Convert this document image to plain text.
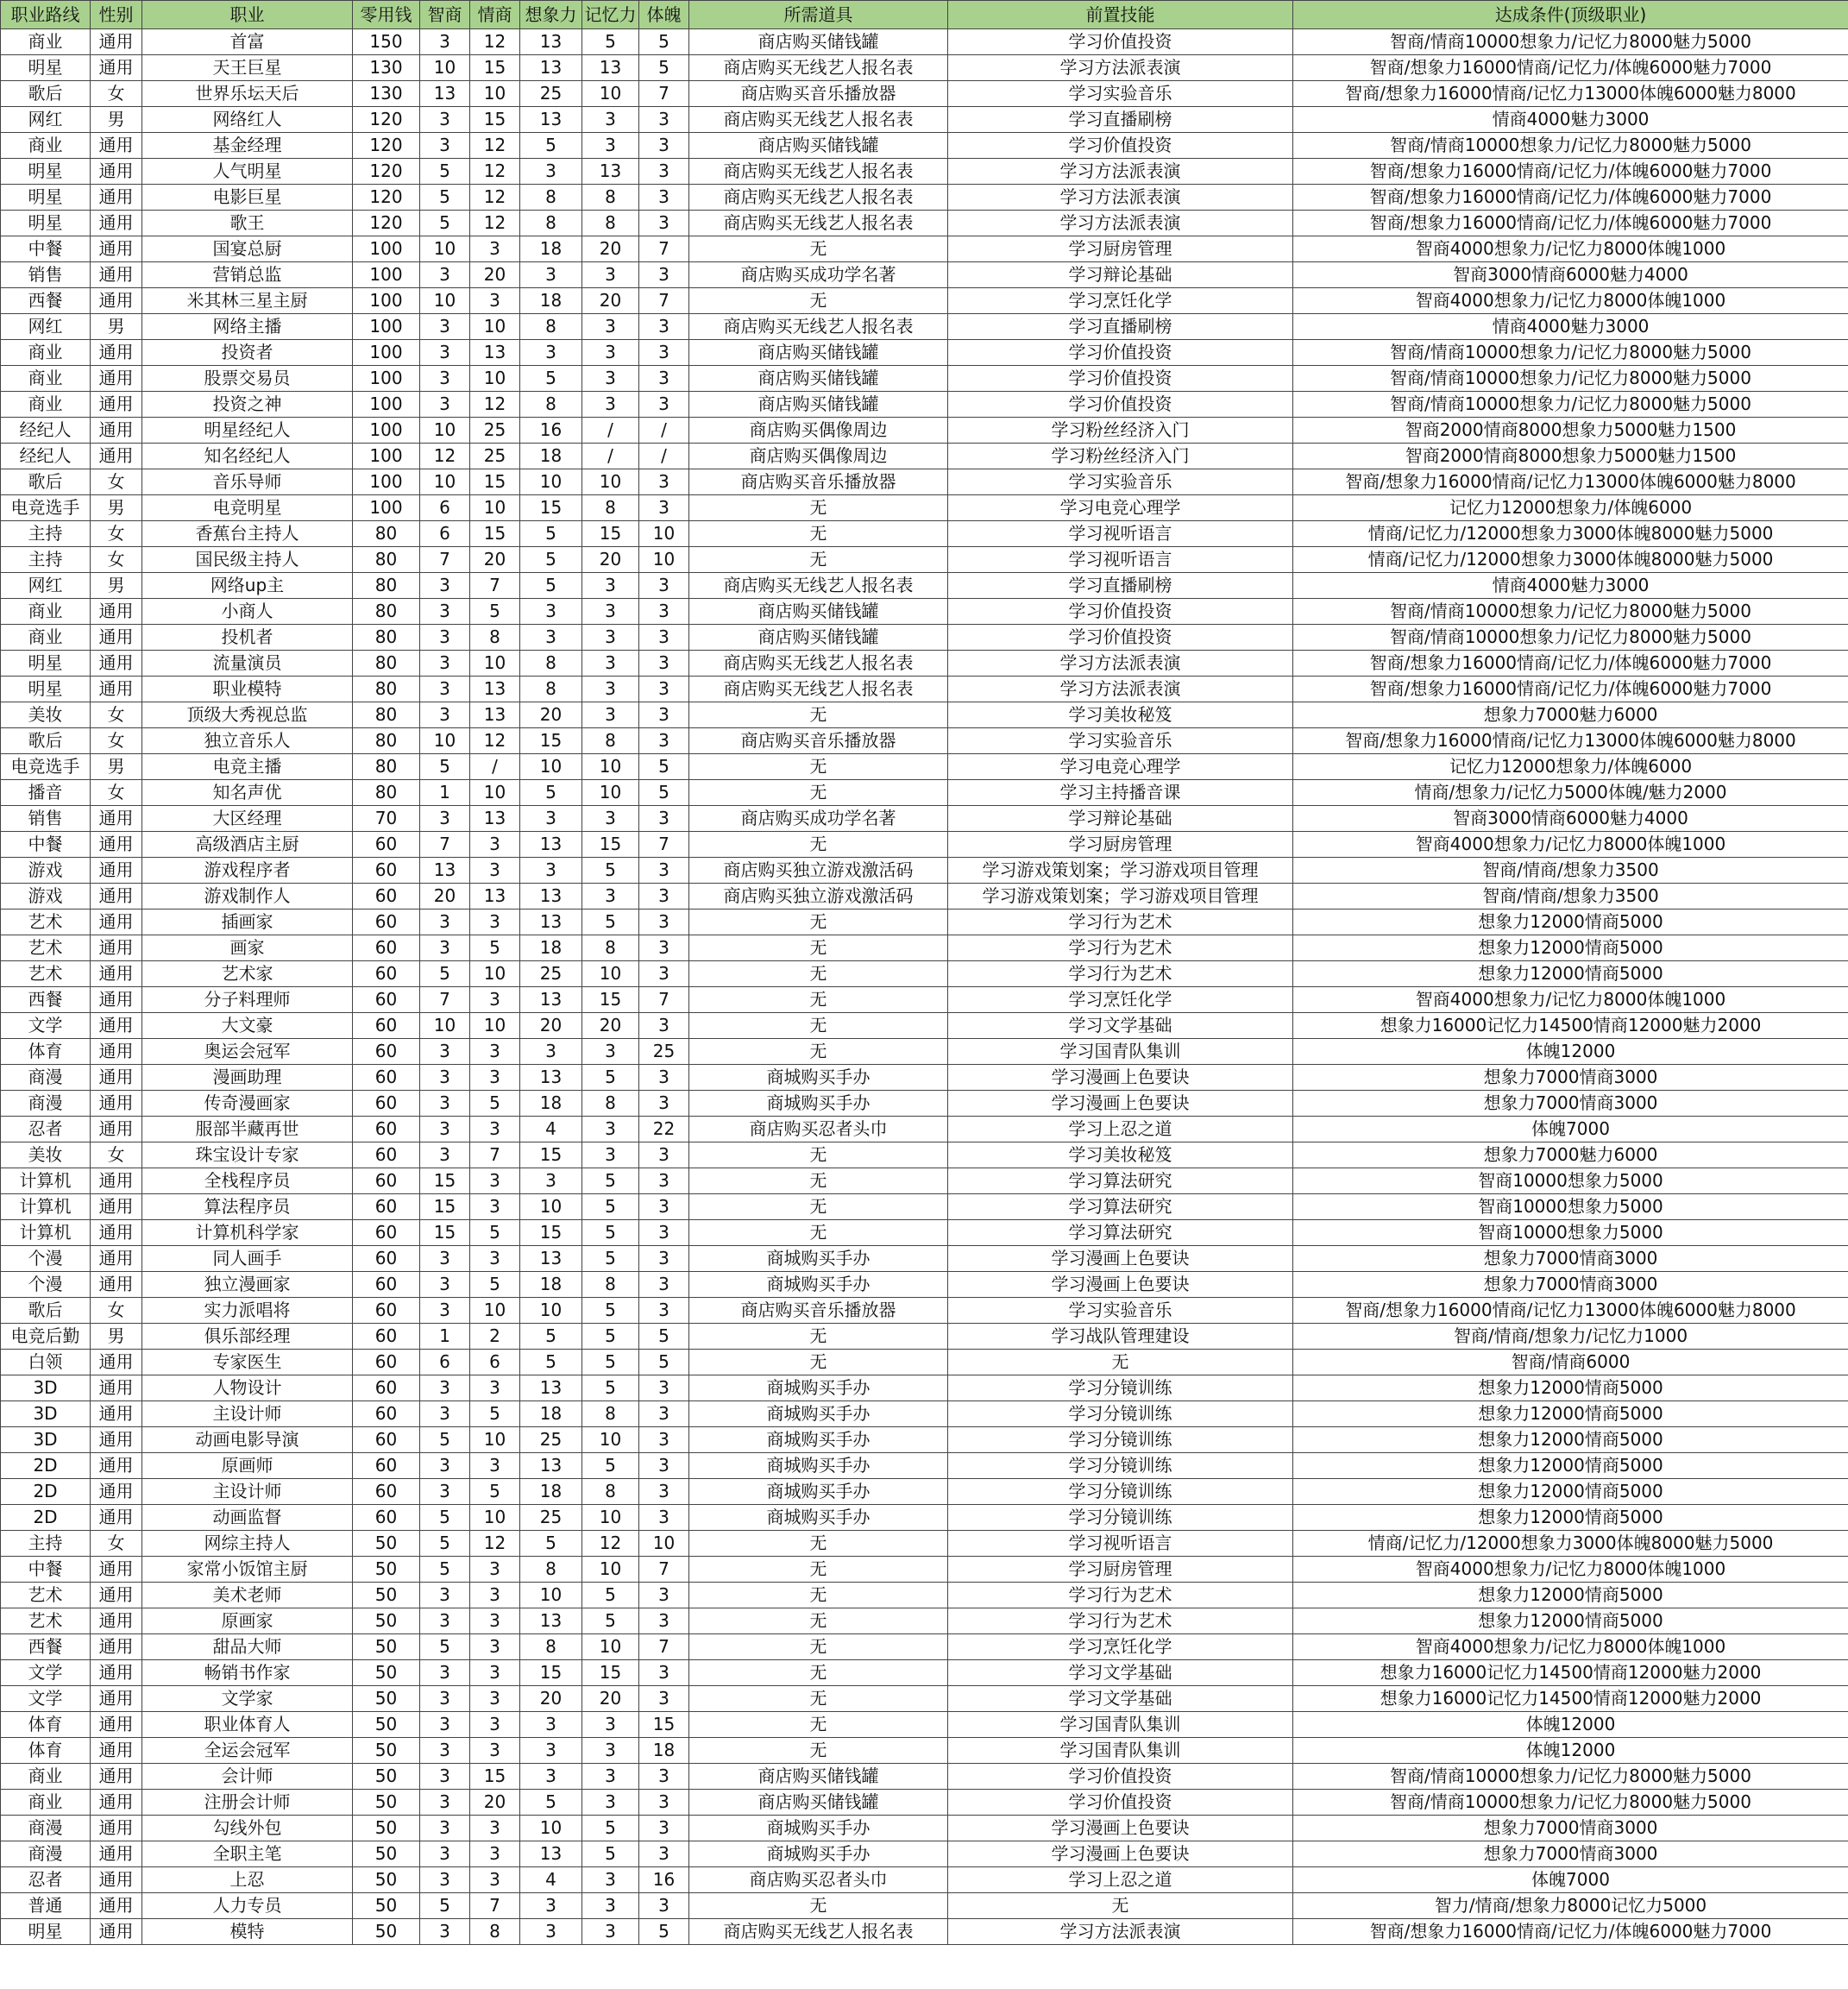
职业路线	性别	职业	零用钱	智商	情商	想象力	记忆力	体魄	所需道具	前置技能	达成条件(顶级职业)
商业	通用	首富	150	3	12	13	5	5	商店购买储钱罐	学习价值投资	智商/情商10000想象力/记忆力8000魅力5000
明星	通用	天王巨星	130	10	15	13	13	5	商店购买无线艺人报名表	学习方法派表演	智商/想象力16000情商/记忆力/体魄6000魅力7000
歌后	女	世界乐坛天后	130	13	10	25	10	7	商店购买音乐播放器	学习实验音乐	智商/想象力16000情商/记忆力13000体魄6000魅力8000
网红	男	网络红人	120	3	15	13	3	3	商店购买无线艺人报名表	学习直播刷榜	情商4000魅力3000
商业	通用	基金经理	120	3	12	5	3	3	商店购买储钱罐	学习价值投资	智商/情商10000想象力/记忆力8000魅力5000
明星	通用	人气明星	120	5	12	3	13	3	商店购买无线艺人报名表	学习方法派表演	智商/想象力16000情商/记忆力/体魄6000魅力7000
明星	通用	电影巨星	120	5	12	8	8	3	商店购买无线艺人报名表	学习方法派表演	智商/想象力16000情商/记忆力/体魄6000魅力7000
明星	通用	歌王	120	5	12	8	8	3	商店购买无线艺人报名表	学习方法派表演	智商/想象力16000情商/记忆力/体魄6000魅力7000
中餐	通用	国宴总厨	100	10	3	18	20	7	无	学习厨房管理	智商4000想象力/记忆力8000体魄1000
销售	通用	营销总监	100	3	20	3	3	3	商店购买成功学名著	学习辩论基础	智商3000情商6000魅力4000
西餐	通用	米其林三星主厨	100	10	3	18	20	7	无	学习烹饪化学	智商4000想象力/记忆力8000体魄1000
网红	男	网络主播	100	3	10	8	3	3	商店购买无线艺人报名表	学习直播刷榜	情商4000魅力3000
商业	通用	投资者	100	3	13	3	3	3	商店购买储钱罐	学习价值投资	智商/情商10000想象力/记忆力8000魅力5000
商业	通用	股票交易员	100	3	10	5	3	3	商店购买储钱罐	学习价值投资	智商/情商10000想象力/记忆力8000魅力5000
商业	通用	投资之神	100	3	12	8	3	3	商店购买储钱罐	学习价值投资	智商/情商10000想象力/记忆力8000魅力5000
经纪人	通用	明星经纪人	100	10	25	16	/	/	商店购买偶像周边	学习粉丝经济入门	智商2000情商8000想象力5000魅力1500
经纪人	通用	知名经纪人	100	12	25	18	/	/	商店购买偶像周边	学习粉丝经济入门	智商2000情商8000想象力5000魅力1500
歌后	女	音乐导师	100	10	15	10	10	3	商店购买音乐播放器	学习实验音乐	智商/想象力16000情商/记忆力13000体魄6000魅力8000
电竞选手	男	电竞明星	100	6	10	15	8	3	无	学习电竞心理学	记忆力12000想象力/体魄6000
主持	女	香蕉台主持人	80	6	15	5	15	10	无	学习视听语言	情商/记忆力/12000想象力3000体魄8000魅力5000
主持	女	国民级主持人	80	7	20	5	20	10	无	学习视听语言	情商/记忆力/12000想象力3000体魄8000魅力5000
网红	男	网络up主	80	3	7	5	3	3	商店购买无线艺人报名表	学习直播刷榜	情商4000魅力3000
商业	通用	小商人	80	3	5	3	3	3	商店购买储钱罐	学习价值投资	智商/情商10000想象力/记忆力8000魅力5000
商业	通用	投机者	80	3	8	3	3	3	商店购买储钱罐	学习价值投资	智商/情商10000想象力/记忆力8000魅力5000
明星	通用	流量演员	80	3	10	8	3	3	商店购买无线艺人报名表	学习方法派表演	智商/想象力16000情商/记忆力/体魄6000魅力7000
明星	通用	职业模特	80	3	13	8	3	3	商店购买无线艺人报名表	学习方法派表演	智商/想象力16000情商/记忆力/体魄6000魅力7000
美妆	女	顶级大秀视总监	80	3	13	20	3	3	无	学习美妆秘笈	想象力7000魅力6000
歌后	女	独立音乐人	80	10	12	15	8	3	商店购买音乐播放器	学习实验音乐	智商/想象力16000情商/记忆力13000体魄6000魅力8000
电竞选手	男	电竞主播	80	5	/	10	10	5	无	学习电竞心理学	记忆力12000想象力/体魄6000
播音	女	知名声优	80	1	10	5	10	5	无	学习主持播音课	情商/想象力/记忆力5000体魄/魅力2000
销售	通用	大区经理	70	3	13	3	3	3	商店购买成功学名著	学习辩论基础	智商3000情商6000魅力4000
中餐	通用	高级酒店主厨	60	7	3	13	15	7	无	学习厨房管理	智商4000想象力/记忆力8000体魄1000
游戏	通用	游戏程序者	60	13	3	3	5	3	商店购买独立游戏激活码	学习游戏策划案；学习游戏项目管理	智商/情商/想象力3500
游戏	通用	游戏制作人	60	20	13	13	3	3	商店购买独立游戏激活码	学习游戏策划案；学习游戏项目管理	智商/情商/想象力3500
艺术	通用	插画家	60	3	3	13	5	3	无	学习行为艺术	想象力12000情商5000
艺术	通用	画家	60	3	5	18	8	3	无	学习行为艺术	想象力12000情商5000
艺术	通用	艺术家	60	5	10	25	10	3	无	学习行为艺术	想象力12000情商5000
西餐	通用	分子料理师	60	7	3	13	15	7	无	学习烹饪化学	智商4000想象力/记忆力8000体魄1000
文学	通用	大文豪	60	10	10	20	20	3	无	学习文学基础	想象力16000记忆力14500情商12000魅力2000
体育	通用	奥运会冠军	60	3	3	3	3	25	无	学习国青队集训	体魄12000
商漫	通用	漫画助理	60	3	3	13	5	3	商城购买手办	学习漫画上色要诀	想象力7000情商3000
商漫	通用	传奇漫画家	60	3	5	18	8	3	商城购买手办	学习漫画上色要诀	想象力7000情商3000
忍者	通用	服部半藏再世	60	3	3	4	3	22	商店购买忍者头巾	学习上忍之道	体魄7000
美妆	女	珠宝设计专家	60	3	7	15	3	3	无	学习美妆秘笈	想象力7000魅力6000
计算机	通用	全栈程序员	60	15	3	3	5	3	无	学习算法研究	智商10000想象力5000
计算机	通用	算法程序员	60	15	3	10	5	3	无	学习算法研究	智商10000想象力5000
计算机	通用	计算机科学家	60	15	5	15	5	3	无	学习算法研究	智商10000想象力5000
个漫	通用	同人画手	60	3	3	13	5	3	商城购买手办	学习漫画上色要诀	想象力7000情商3000
个漫	通用	独立漫画家	60	3	5	18	8	3	商城购买手办	学习漫画上色要诀	想象力7000情商3000
歌后	女	实力派唱将	60	3	10	10	5	3	商店购买音乐播放器	学习实验音乐	智商/想象力16000情商/记忆力13000体魄6000魅力8000
电竞后勤	男	俱乐部经理	60	1	2	5	5	5	无	学习战队管理建设	智商/情商/想象力/记忆力1000
白领	通用	专家医生	60	6	6	5	5	5	无	无	智商/情商6000
3D	通用	人物设计	60	3	3	13	5	3	商城购买手办	学习分镜训练	想象力12000情商5000
3D	通用	主设计师	60	3	5	18	8	3	商城购买手办	学习分镜训练	想象力12000情商5000
3D	通用	动画电影导演	60	5	10	25	10	3	商城购买手办	学习分镜训练	想象力12000情商5000
2D	通用	原画师	60	3	3	13	5	3	商城购买手办	学习分镜训练	想象力12000情商5000
2D	通用	主设计师	60	3	5	18	8	3	商城购买手办	学习分镜训练	想象力12000情商5000
2D	通用	动画监督	60	5	10	25	10	3	商城购买手办	学习分镜训练	想象力12000情商5000
主持	女	网综主持人	50	5	12	5	12	10	无	学习视听语言	情商/记忆力/12000想象力3000体魄8000魅力5000
中餐	通用	家常小饭馆主厨	50	5	3	8	10	7	无	学习厨房管理	智商4000想象力/记忆力8000体魄1000
艺术	通用	美术老师	50	3	3	10	5	3	无	学习行为艺术	想象力12000情商5000
艺术	通用	原画家	50	3	3	13	5	3	无	学习行为艺术	想象力12000情商5000
西餐	通用	甜品大师	50	5	3	8	10	7	无	学习烹饪化学	智商4000想象力/记忆力8000体魄1000
文学	通用	畅销书作家	50	3	3	15	15	3	无	学习文学基础	想象力16000记忆力14500情商12000魅力2000
文学	通用	文学家	50	3	3	20	20	3	无	学习文学基础	想象力16000记忆力14500情商12000魅力2000
体育	通用	职业体育人	50	3	3	3	3	15	无	学习国青队集训	体魄12000
体育	通用	全运会冠军	50	3	3	3	3	18	无	学习国青队集训	体魄12000
商业	通用	会计师	50	3	15	3	3	3	商店购买储钱罐	学习价值投资	智商/情商10000想象力/记忆力8000魅力5000
商业	通用	注册会计师	50	3	20	5	3	3	商店购买储钱罐	学习价值投资	智商/情商10000想象力/记忆力8000魅力5000
商漫	通用	勾线外包	50	3	3	10	5	3	商城购买手办	学习漫画上色要诀	想象力7000情商3000
商漫	通用	全职主笔	50	3	3	13	5	3	商城购买手办	学习漫画上色要诀	想象力7000情商3000
忍者	通用	上忍	50	3	3	4	3	16	商店购买忍者头巾	学习上忍之道	体魄7000
普通	通用	人力专员	50	5	7	3	3	3	无	无	智力/情商/想象力8000记忆力5000
明星	通用	模特	50	3	8	3	3	5	商店购买无线艺人报名表	学习方法派表演	智商/想象力16000情商/记忆力/体魄6000魅力7000
